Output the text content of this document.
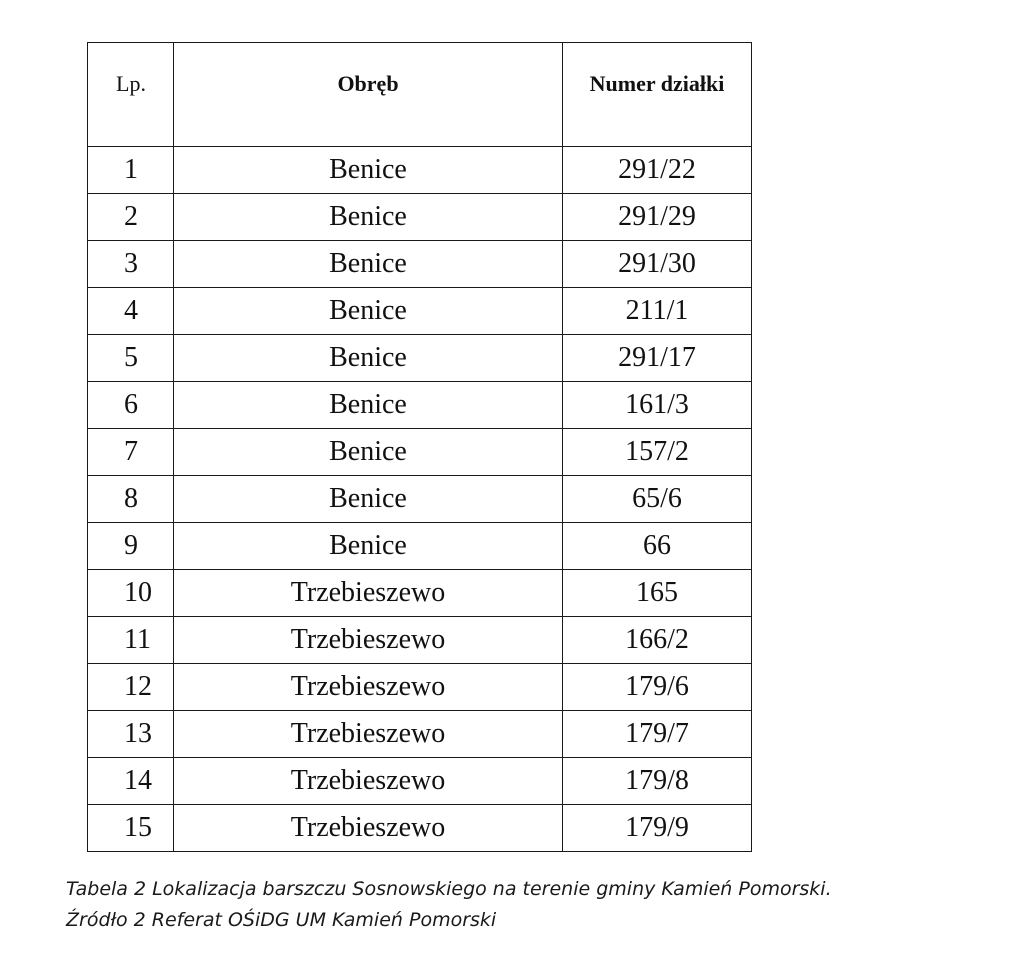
Lp.	Obręb	Numer działki
1	Benice	291/22
2	Benice	291/29
3	Benice	291/30
4	Benice	211/1
5	Benice	291/17
6	Benice	161/3
7	Benice	157/2
8	Benice	65/6
9	Benice	66
10	Trzebieszewo	165
11	Trzebieszewo	166/2
12	Trzebieszewo	179/6
13	Trzebieszewo	179/7
14	Trzebieszewo	179/8
15	Trzebieszewo	179/9
Tabela 2 Lokalizacja barszczu Sosnowskiego na terenie gminy Kamień Pomorski.
Źródło 2 Referat OŚiDG UM Kamień Pomorski
